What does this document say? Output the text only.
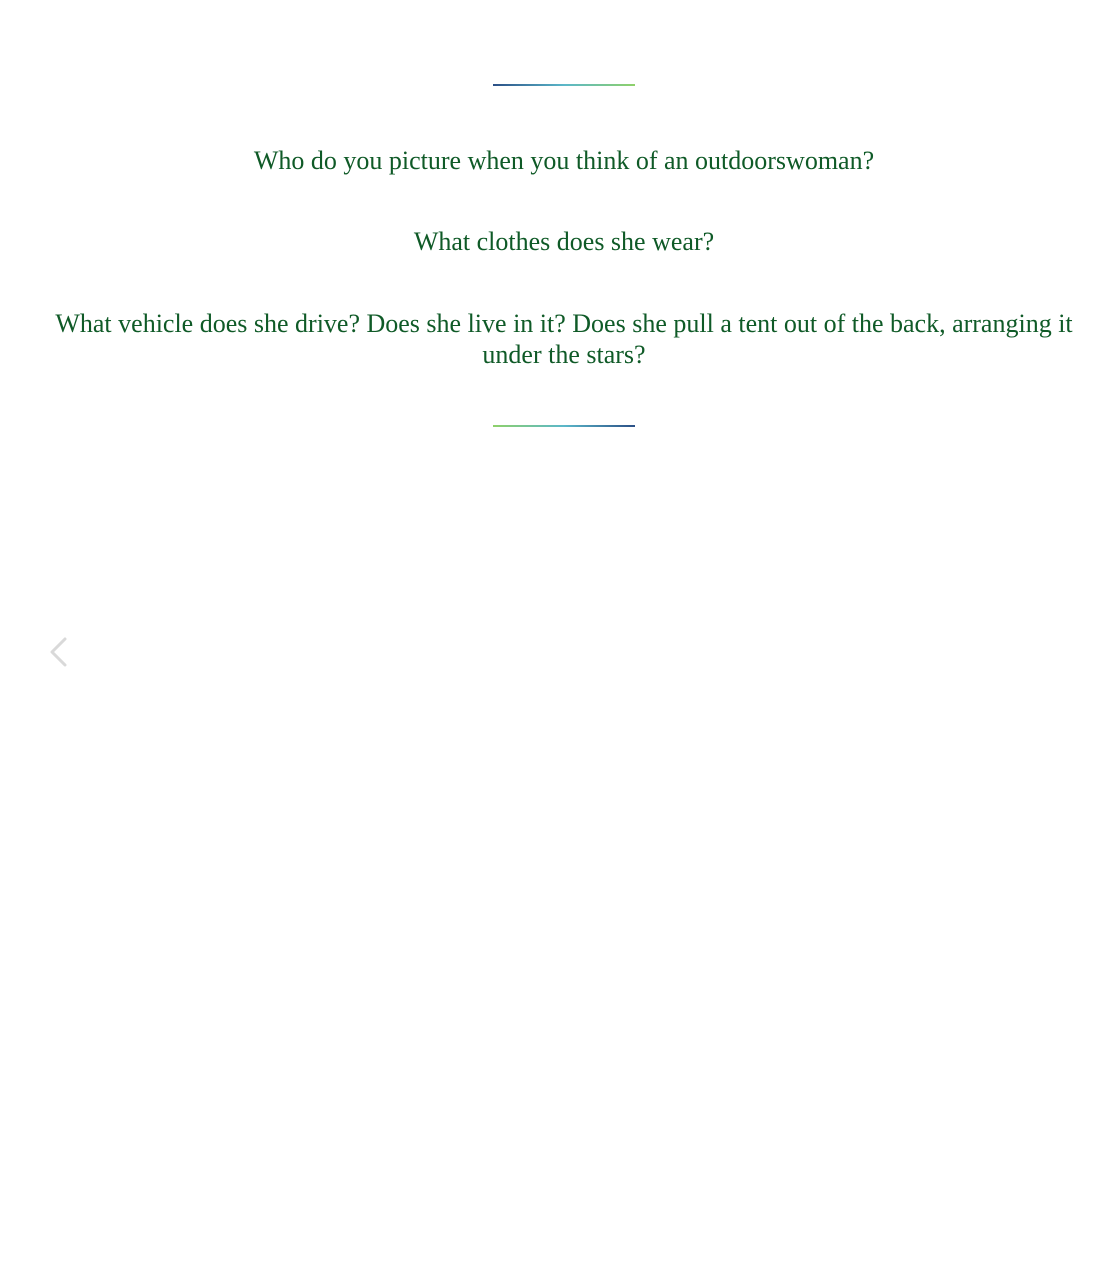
Who do you picture when you think of an outdoorswoman?

What clothes does she wear?

What vehicle does she drive? Does she live in it? Does she pull a tent out of the back, arranging it under the stars?
